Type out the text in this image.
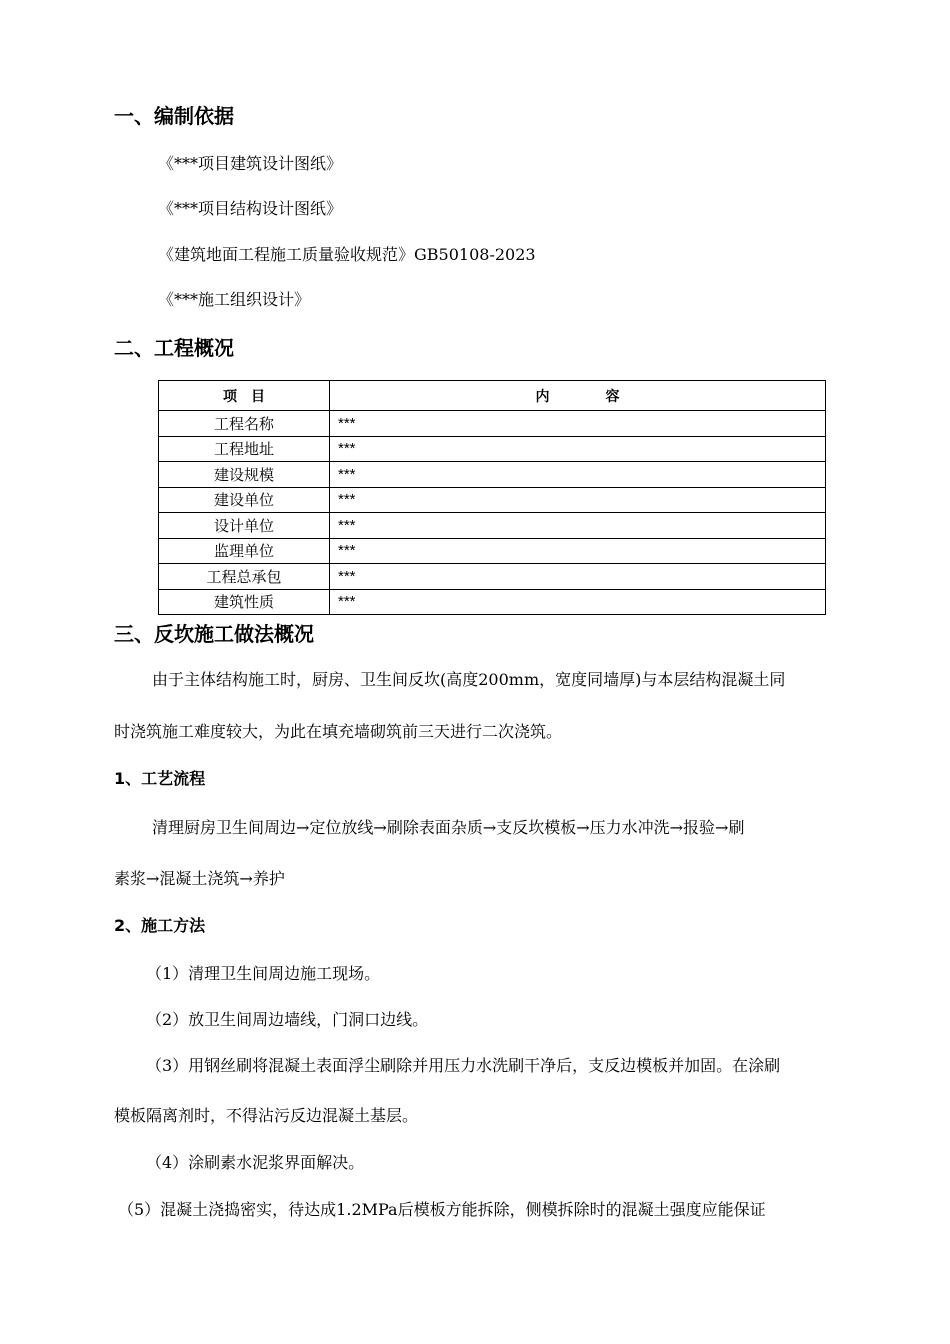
一、编制依据
《***项目建筑设计图纸》
《***项目结构设计图纸》
《建筑地面工程施工质量验收规范》GB50108-2023
《***施工组织设计》
二、工程概况
项　目	内　　　　容
工程名称	***
工程地址	***
建设规模	***
建设单位	***
设计单位	***
监理单位	***
工程总承包	***
建筑性质	***
三、反坎施工做法概况
由于主体结构施工时，厨房、卫生间反坎(高度200mm，宽度同墙厚)与本层结构混凝土同
时浇筑施工难度较大，为此在填充墙砌筑前三天进行二次浇筑。
1、工艺流程
清理厨房卫生间周边→定位放线→刷除表面杂质→支反坎模板→压力水冲洗→报验→刷
素浆→混凝土浇筑→养护
2、施工方法
（1）清理卫生间周边施工现场。
（2）放卫生间周边墙线，门洞口边线。
（3）用钢丝刷将混凝土表面浮尘刷除并用压力水洗刷干净后，支反边模板并加固。在涂刷
模板隔离剂时，不得沾污反边混凝土基层。
（4）涂刷素水泥浆界面解决。
（5）混凝土浇捣密实，待达成1.2MPa后模板方能拆除，侧模拆除时的混凝土强度应能保证
